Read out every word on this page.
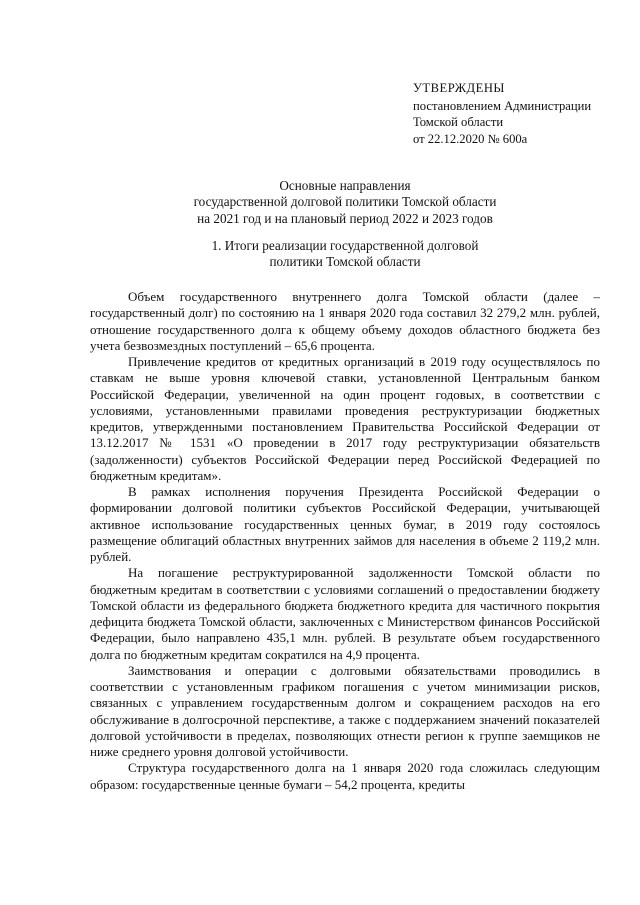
УТВЕРЖДЕНЫ
постановлением Администрации
Томской области
от 22.12.2020 № 600а
Основные направления
государственной долговой политики Томской области
на 2021 год и на плановый период 2022 и 2023 годов
1. Итоги реализации государственной долговой
политики Томской области

Объем государственного внутреннего долга Томской области (далее – государственный долг) по состоянию на 1 января 2020 года составил 32 279,2 млн. рублей, отношение государственного долга к общему объему доходов областного бюджета без учета безвозмездных поступлений – 65,6 процента.

Привлечение кредитов от кредитных организаций в 2019 году осуществлялось по ставкам не выше уровня ключевой ставки, установленной Центральным банком Российской Федерации, увеличенной на один процент годовых, в соответствии с условиями, установленными правилами проведения реструктуризации бюджетных кредитов, утвержденными постановлением Правительства Российской Федерации от 13.12.2017 № 1531 «О проведении в 2017 году реструктуризации обязательств (задолженности) субъектов Российской Федерации перед Российской Федерацией по бюджетным кредитам».

В рамках исполнения поручения Президента Российской Федерации о формировании долговой политики субъектов Российской Федерации, учитывающей активное использование государственных ценных бумаг, в 2019 году состоялось размещение облигаций областных внутренних займов для населения в объеме 2 119,2 млн. рублей.

На погашение реструктурированной задолженности Томской области по бюджетным кредитам в соответствии с условиями соглашений о предоставлении бюджету Томской области из федерального бюджета бюджетного кредита для частичного покрытия дефицита бюджета Томской области, заключенных с Министерством финансов Российской Федерации, было направлено 435,1 млн. рублей. В результате объем государственного долга по бюджетным кредитам сократился на 4,9 процента.

Заимствования и операции с долговыми обязательствами проводились в соответствии с установленным графиком погашения с учетом минимизации рисков, связанных с управлением государственным долгом и сокращением расходов на его обслуживание в долгосрочной перспективе, а также с поддержанием значений показателей долговой устойчивости в пределах, позволяющих отнести регион к группе заемщиков не ниже среднего уровня долговой устойчивости.

Структура государственного долга на 1 января 2020 года сложилась следующим образом: государственные ценные бумаги – 54,2 процента, кредиты
